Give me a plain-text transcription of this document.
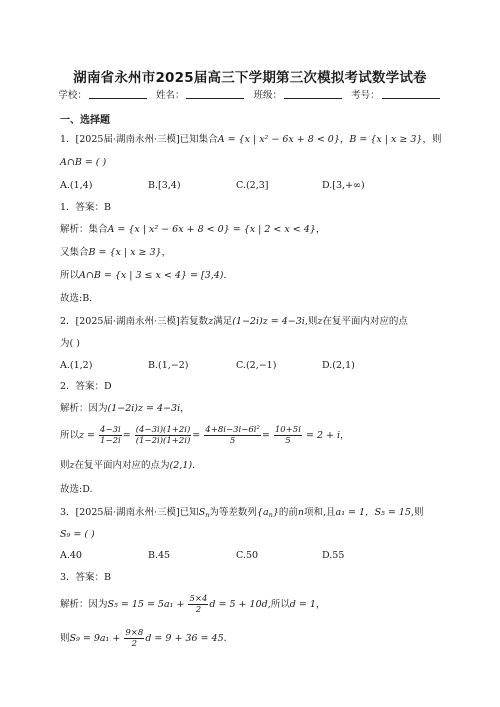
湖南省永州市2025届高三下学期第三次模拟考试数学试卷
学校：	姓名：	班级：	考号：
一、选择题
1．[2025届·湖南永州·三模]已知集合A = {x | x² − 6x + 8 < 0}，B = {x | x ≥ 3}，则
A∩B = ( )
A.(1,4)	B.[3,4)	C.(2,3]	D.[3,+∞)
1．答案：B
解析：集合A = {x | x² − 6x + 8 < 0} = {x | 2 < x < 4}，
又集合B = {x | x ≥ 3}，
所以A∩B = {x | 3 ≤ x < 4} = [3,4)．
故选:B.
2．[2025届·湖南永州·三模]若复数z满足(1−2i)z = 4−3i,则z在复平面内对应的点
为( )
A.(1,2)	B.(1,−2)	C.(2,−1)	D.(2,1)
2．答案：D
解析：因为(1−2i)z = 4−3i，
所以$z = \frac{4-3i}{1-2i} = \frac{(4-3i)(1+2i)}{(1-2i)(1+2i)} = \frac{\text{4+8i−3i−6i²}}{5} = \frac{10+5i}{5} = 2 + i$，
则z在复平面内对应的点为(2,1)．
故选:D.
3．[2025届·湖南永州·三模]已知$S_n$为等差数列$\{a_n\}$的前n项和,且a₁ = 1，S₅ = 15,则
S₉ = ( )
A.40	B.45	C.50	D.55
3．答案：B
解析：因为$S_5 = 15 = 5a_1 + \frac{5\times 4}{2}$ d = 5 + 10d,所以d = 1，
则$S_9 = 9a_1 + \frac{9\times 8}{2}$ d = 9 + 36 = 45．
